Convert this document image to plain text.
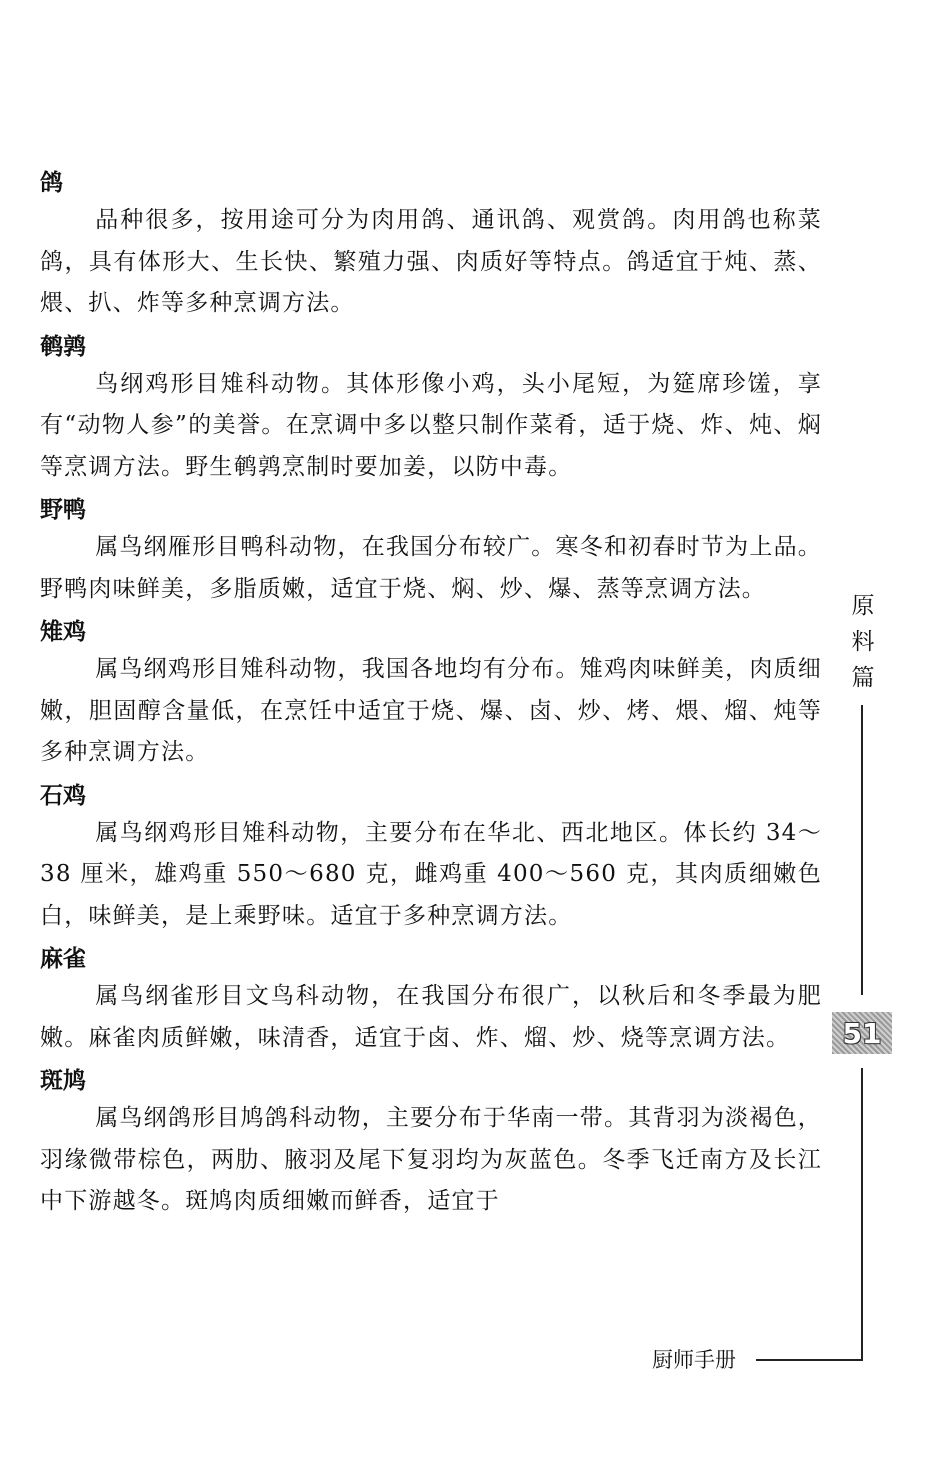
鸽

品种很多，按用途可分为肉用鸽、通讯鸽、观赏鸽。肉用鸽也称菜鸽，具有体形大、生长快、繁殖力强、肉质好等特点。鸽适宜于炖、蒸、煨、扒、炸等多种烹调方法。

鹌鹑

鸟纲鸡形目雉科动物。其体形像小鸡，头小尾短，为筵席珍馐，享有“动物人参”的美誉。在烹调中多以整只制作菜肴，适于烧、炸、炖、焖等烹调方法。野生鹌鹑烹制时要加姜，以防中毒。

野鸭

属鸟纲雁形目鸭科动物，在我国分布较广。寒冬和初春时节为上品。野鸭肉味鲜美，多脂质嫩，适宜于烧、焖、炒、爆、蒸等烹调方法。

雉鸡

属鸟纲鸡形目雉科动物，我国各地均有分布。雉鸡肉味鲜美，肉质细嫩，胆固醇含量低，在烹饪中适宜于烧、爆、卤、炒、烤、煨、熘、炖等多种烹调方法。

石鸡

属鸟纲鸡形目雉科动物，主要分布在华北、西北地区。体长约 34～38 厘米，雄鸡重 550～680 克，雌鸡重 400～560 克，其肉质细嫩色白，味鲜美，是上乘野味。适宜于多种烹调方法。

麻雀

属鸟纲雀形目文鸟科动物，在我国分布很广，以秋后和冬季最为肥嫩。麻雀肉质鲜嫩，味清香，适宜于卤、炸、熘、炒、烧等烹调方法。

斑鸠

属鸟纲鸽形目鸠鸽科动物，主要分布于华南一带。其背羽为淡褐色，羽缘微带棕色，两肋、腋羽及尾下复羽均为灰蓝色。冬季飞迁南方及长江中下游越冬。斑鸠肉质细嫩而鲜香，适宜于

原
料
篇
51
厨师手册
